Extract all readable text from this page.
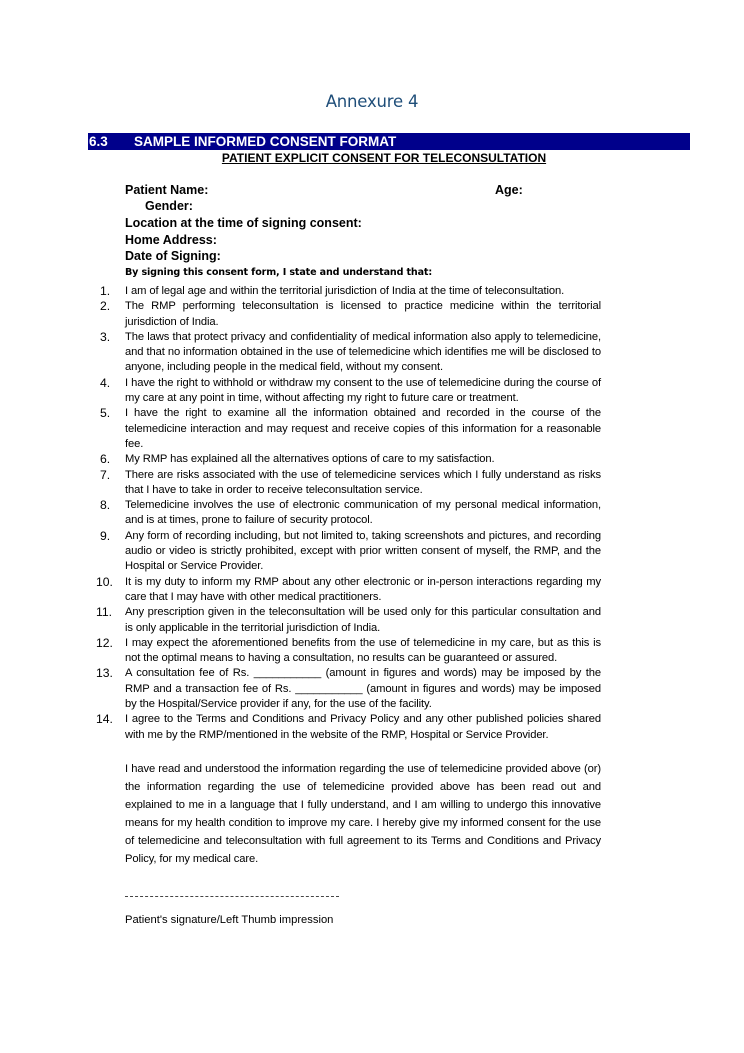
Annexure 4
6.3 SAMPLE INFORMED CONSENT FORMAT
PATIENT EXPLICIT CONSENT FOR TELECONSULTATION
Patient Name:	Age:
Gender:
Location at the time of signing consent:
Home Address:
Date of Signing:
By signing this consent form, I state and understand that:
1. I am of legal age and within the territorial jurisdiction of India at the time of teleconsultation.
2. The RMP performing teleconsultation is licensed to practice medicine within the territorial jurisdiction of India.
3. The laws that protect privacy and confidentiality of medical information also apply to telemedicine, and that no information obtained in the use of telemedicine which identifies me will be disclosed to anyone, including people in the medical field, without my consent.
4. I have the right to withhold or withdraw my consent to the use of telemedicine during the course of my care at any point in time, without affecting my right to future care or treatment.
5. I have the right to examine all the information obtained and recorded in the course of the telemedicine interaction and may request and receive copies of this information for a reasonable fee.
6. My RMP has explained all the alternatives options of care to my satisfaction.
7. There are risks associated with the use of telemedicine services which I fully understand as risks that I have to take in order to receive teleconsultation service.
8. Telemedicine involves the use of electronic communication of my personal medical information, and is at times, prone to failure of security protocol.
9. Any form of recording including, but not limited to, taking screenshots and pictures, and recording audio or video is strictly prohibited, except with prior written consent of myself, the RMP, and the Hospital or Service Provider.
10. It is my duty to inform my RMP about any other electronic or in-person interactions regarding my care that I may have with other medical practitioners.
11. Any prescription given in the teleconsultation will be used only for this particular consultation and is only applicable in the territorial jurisdiction of India.
12. I may expect the aforementioned benefits from the use of telemedicine in my care, but as this is not the optimal means to having a consultation, no results can be guaranteed or assured.
13. A consultation fee of Rs. ___________ (amount in figures and words) may be imposed by the RMP and a transaction fee of Rs. ___________ (amount in figures and words) may be imposed by the Hospital/Service provider if any, for the use of the facility.
14. I agree to the Terms and Conditions and Privacy Policy and any other published policies shared with me by the RMP/mentioned in the website of the RMP, Hospital or Service Provider.
I have read and understood the information regarding the use of telemedicine provided above (or) the information regarding the use of telemedicine provided above has been read out and explained to me in a language that I fully understand, and I am willing to undergo this innovative means for my health condition to improve my care. I hereby give my informed consent for the use of telemedicine and teleconsultation with full agreement to its Terms and Conditions and Privacy Policy, for my medical care.
Patient's signature/Left Thumb impression
